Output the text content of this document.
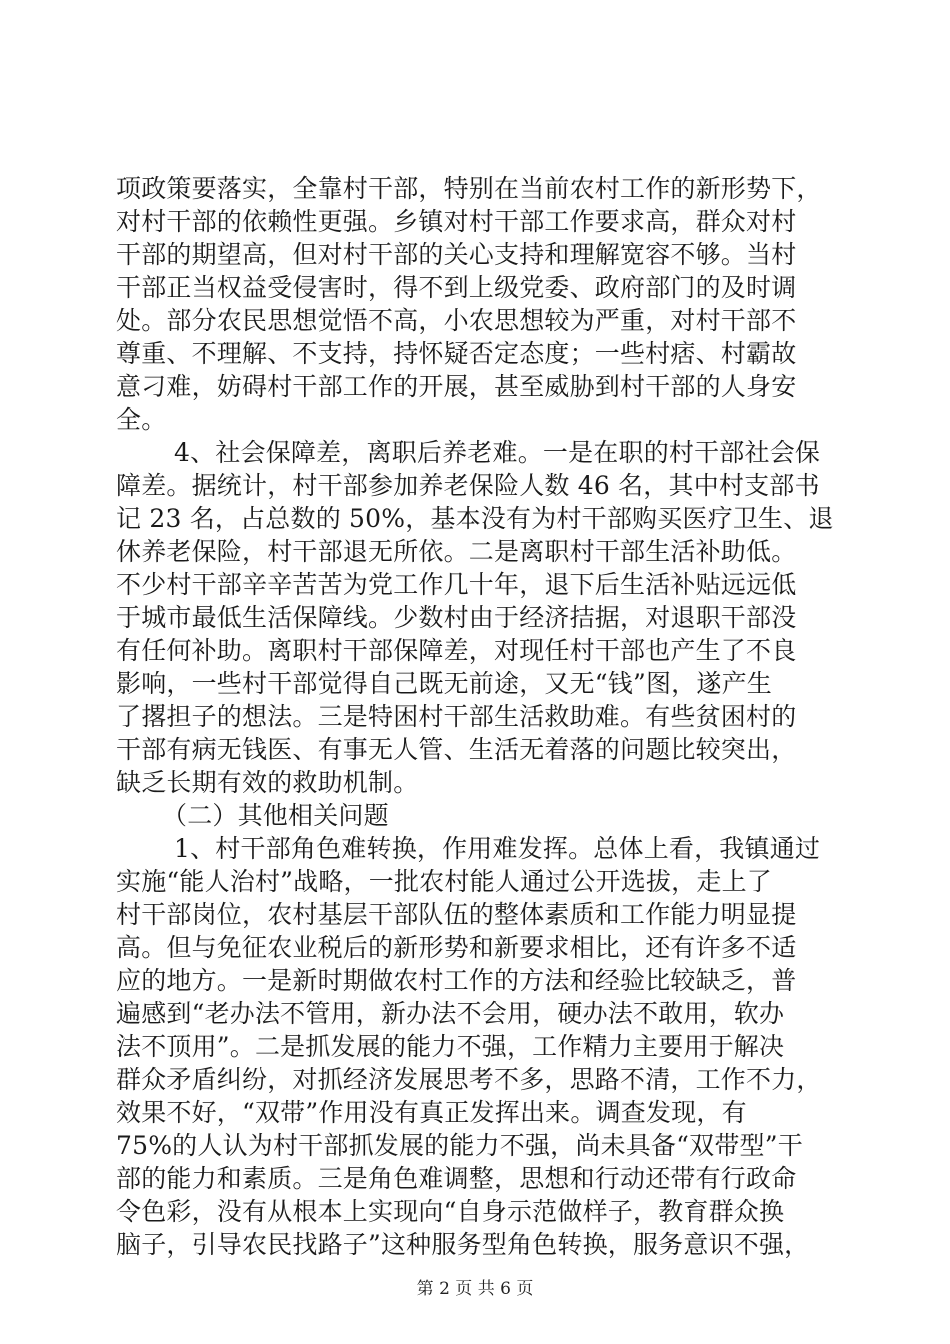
项政策要落实，全靠村干部，特别在当前农村工作的新形势下，
对村干部的依赖性更强。乡镇对村干部工作要求高，群众对村
干部的期望高，但对村干部的关心支持和理解宽容不够。当村
干部正当权益受侵害时，得不到上级党委、政府部门的及时调
处。部分农民思想觉悟不高，小农思想较为严重，对村干部不
尊重、不理解、不支持，持怀疑否定态度；一些村痞、村霸故
意刁难，妨碍村干部工作的开展，甚至威胁到村干部的人身安
全。
4、社会保障差，离职后养老难。一是在职的村干部社会保
障差。据统计，村干部参加养老保险人数 46 名，其中村支部书
记 23 名，占总数的 50%，基本没有为村干部购买医疗卫生、退
休养老保险，村干部退无所依。二是离职村干部生活补助低。
不少村干部辛辛苦苦为党工作几十年，退下后生活补贴远远低
于城市最低生活保障线。少数村由于经济拮据，对退职干部没
有任何补助。离职村干部保障差，对现任村干部也产生了不良
影响，一些村干部觉得自己既无前途，又无“钱”图，遂产生
了撂担子的想法。三是特困村干部生活救助难。有些贫困村的
干部有病无钱医、有事无人管、生活无着落的问题比较突出，
缺乏长期有效的救助机制。
（二）其他相关问题
1、村干部角色难转换，作用难发挥。总体上看，我镇通过
实施“能人治村”战略，一批农村能人通过公开选拔，走上了
村干部岗位，农村基层干部队伍的整体素质和工作能力明显提
高。但与免征农业税后的新形势和新要求相比，还有许多不适
应的地方。一是新时期做农村工作的方法和经验比较缺乏，普
遍感到“老办法不管用，新办法不会用，硬办法不敢用，软办
法不顶用”。二是抓发展的能力不强，工作精力主要用于解决
群众矛盾纠纷，对抓经济发展思考不多，思路不清，工作不力，
效果不好，“双带”作用没有真正发挥出来。调查发现，有
75%的人认为村干部抓发展的能力不强，尚未具备“双带型”干
部的能力和素质。三是角色难调整，思想和行动还带有行政命
令色彩，没有从根本上实现向“自身示范做样子，教育群众换
脑子，引导农民找路子”这种服务型角色转换，服务意识不强，
第 2 页 共 6 页
